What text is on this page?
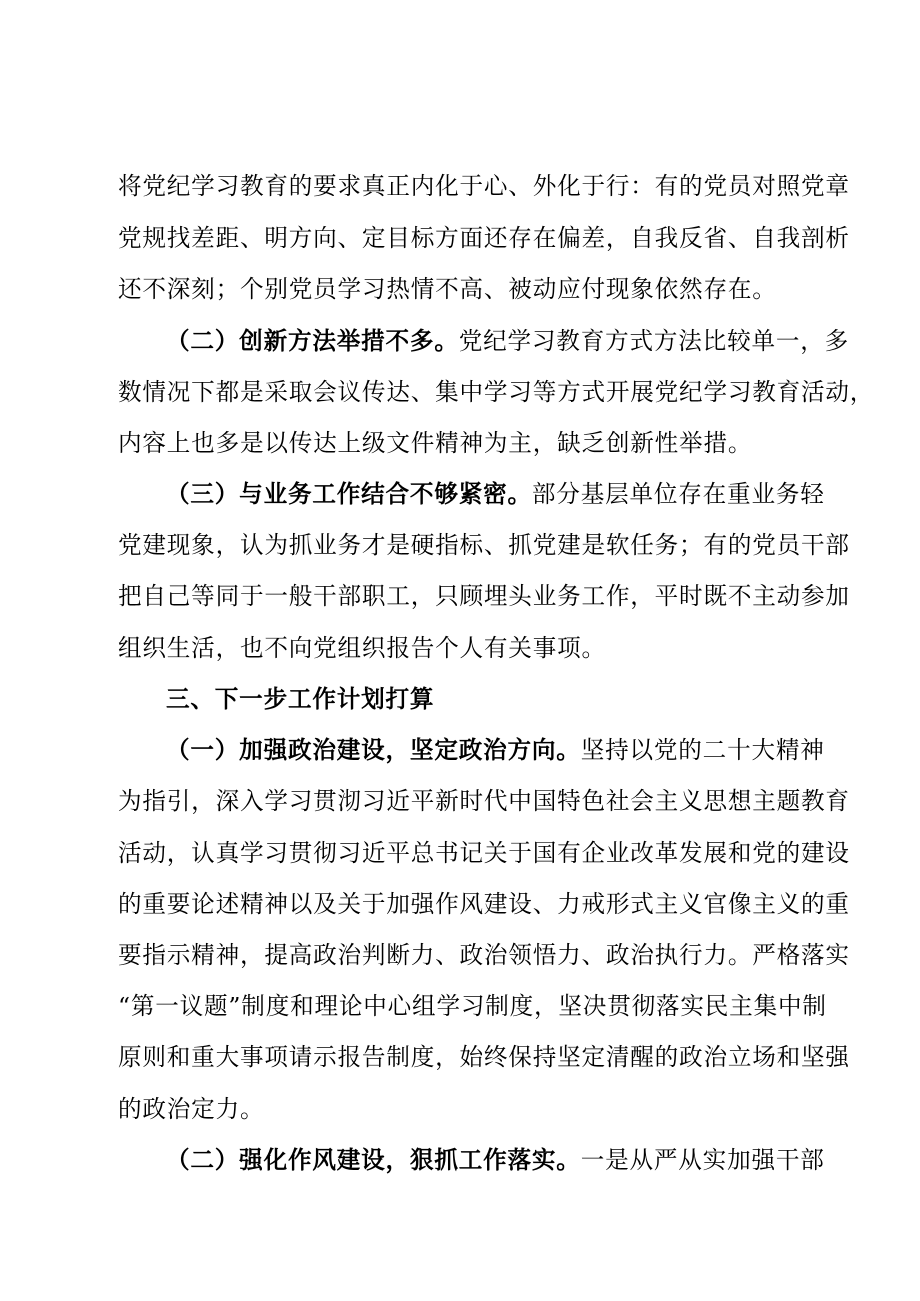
将党纪学习教育的要求真正内化于心、外化于行：有的党员对照党章
党规找差距、明方向、定目标方面还存在偏差，自我反省、自我剖析
还不深刻；个别党员学习热情不高、被动应付现象依然存在。
（二）创新方法举措不多。党纪学习教育方式方法比较单一，多
数情况下都是采取会议传达、集中学习等方式开展党纪学习教育活动，
内容上也多是以传达上级文件精神为主，缺乏创新性举措。
（三）与业务工作结合不够紧密。部分基层单位存在重业务轻
党建现象，认为抓业务才是硬指标、抓党建是软任务；有的党员干部
把自己等同于一般干部职工，只顾埋头业务工作，平时既不主动参加
组织生活，也不向党组织报告个人有关事项。
三、下一步工作计划打算
（一）加强政治建设，坚定政治方向。坚持以党的二十大精神
为指引，深入学习贯沏习近平新时代中国特色社会主义思想主题教育
活动，认真学习贯彻习近平总书记关于国有企业改革发展和党的建设
的重要论述精神以及关于加强作风建设、力戒形式主义官像主义的重
要指示精神，提高政治判断力、政治领悟力、政治执行力。严格落实
“第一议题”制度和理论中心组学习制度，坚决贯彻落实民主集中制
原则和重大事项请示报告制度，始终保持坚定清醒的政治立场和坚强
的政治定力。
（二）强化作风建设，狠抓工作落实。一是从严从实加强干部
